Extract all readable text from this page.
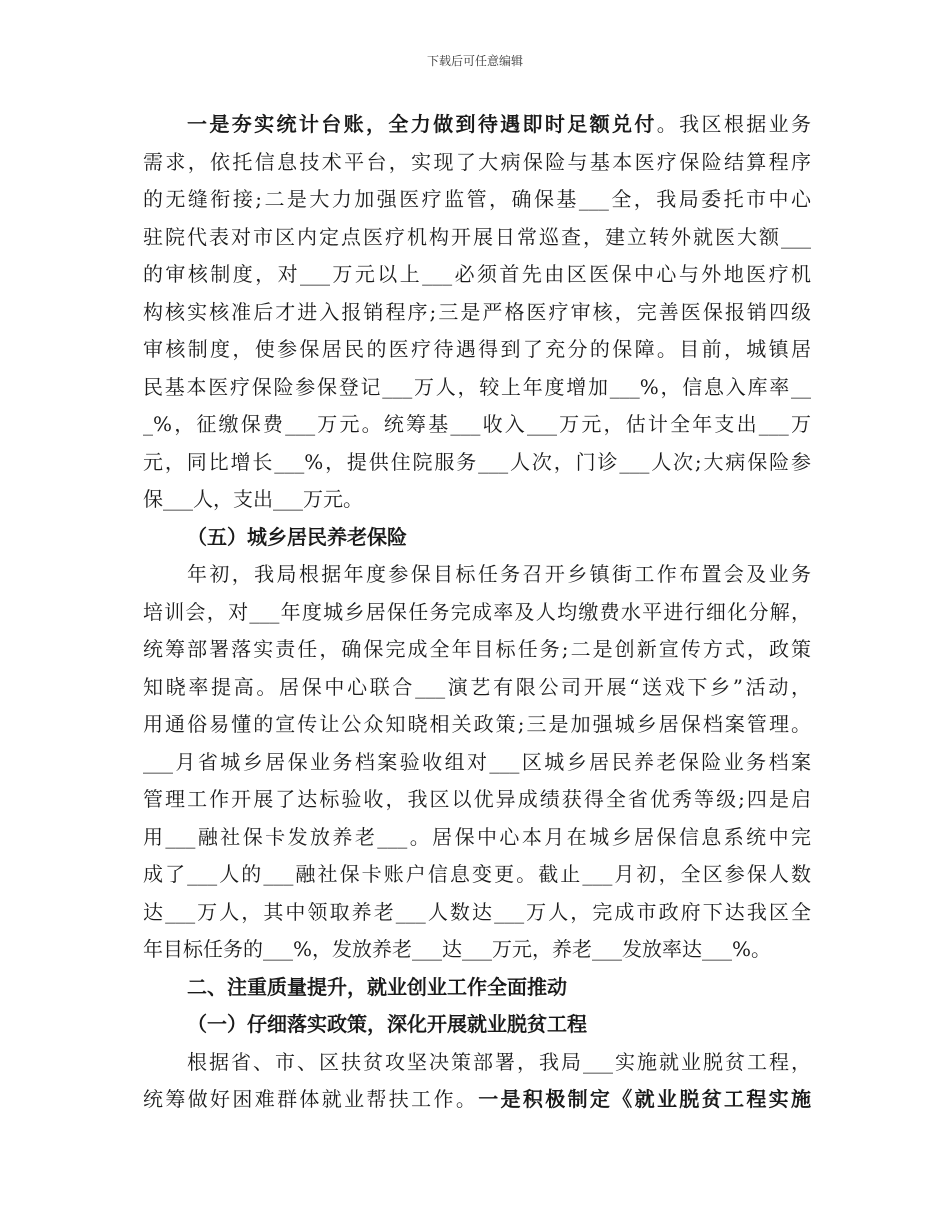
下载后可任意编辑
一是夯实统计台账，全力做到待遇即时足额兑付。我区根据业务
需求，依托信息技术平台，实现了大病保险与基本医疗保险结算程序
的无缝衔接;二是大力加强医疗监管，确保基___全，我局委托市中心
驻院代表对市区内定点医疗机构开展日常巡查，建立转外就医大额___
的审核制度，对___万元以上___必须首先由区医保中心与外地医疗机
构核实核准后才进入报销程序;三是严格医疗审核，完善医保报销四级
审核制度，使参保居民的医疗待遇得到了充分的保障。目前，城镇居
民基本医疗保险参保登记___万人，较上年度增加___%，信息入库率__
_%，征缴保费___万元。统筹基___收入___万元，估计全年支出___万
元，同比增长___%，提供住院服务___人次，门诊___人次;大病保险参
保___人，支出___万元。
（五）城乡居民养老保险
年初，我局根据年度参保目标任务召开乡镇街工作布置会及业务
培训会，对___年度城乡居保任务完成率及人均缴费水平进行细化分解，
统筹部署落实责任，确保完成全年目标任务;二是创新宣传方式，政策
知晓率提高。居保中心联合___演艺有限公司开展“送戏下乡”活动，
用通俗易懂的宣传让公众知晓相关政策;三是加强城乡居保档案管理。
___月省城乡居保业务档案验收组对___区城乡居民养老保险业务档案
管理工作开展了达标验收，我区以优异成绩获得全省优秀等级;四是启
用___融社保卡发放养老___。居保中心本月在城乡居保信息系统中完
成了___人的___融社保卡账户信息变更。截止___月初，全区参保人数
达___万人，其中领取养老___人数达___万人，完成市政府下达我区全
年目标任务的___%，发放养老___达___万元，养老___发放率达___%。
二、注重质量提升，就业创业工作全面推动
（一）仔细落实政策，深化开展就业脱贫工程
根据省、市、区扶贫攻坚决策部署，我局___实施就业脱贫工程，
统筹做好困难群体就业帮扶工作。一是积极制定《就业脱贫工程实施
